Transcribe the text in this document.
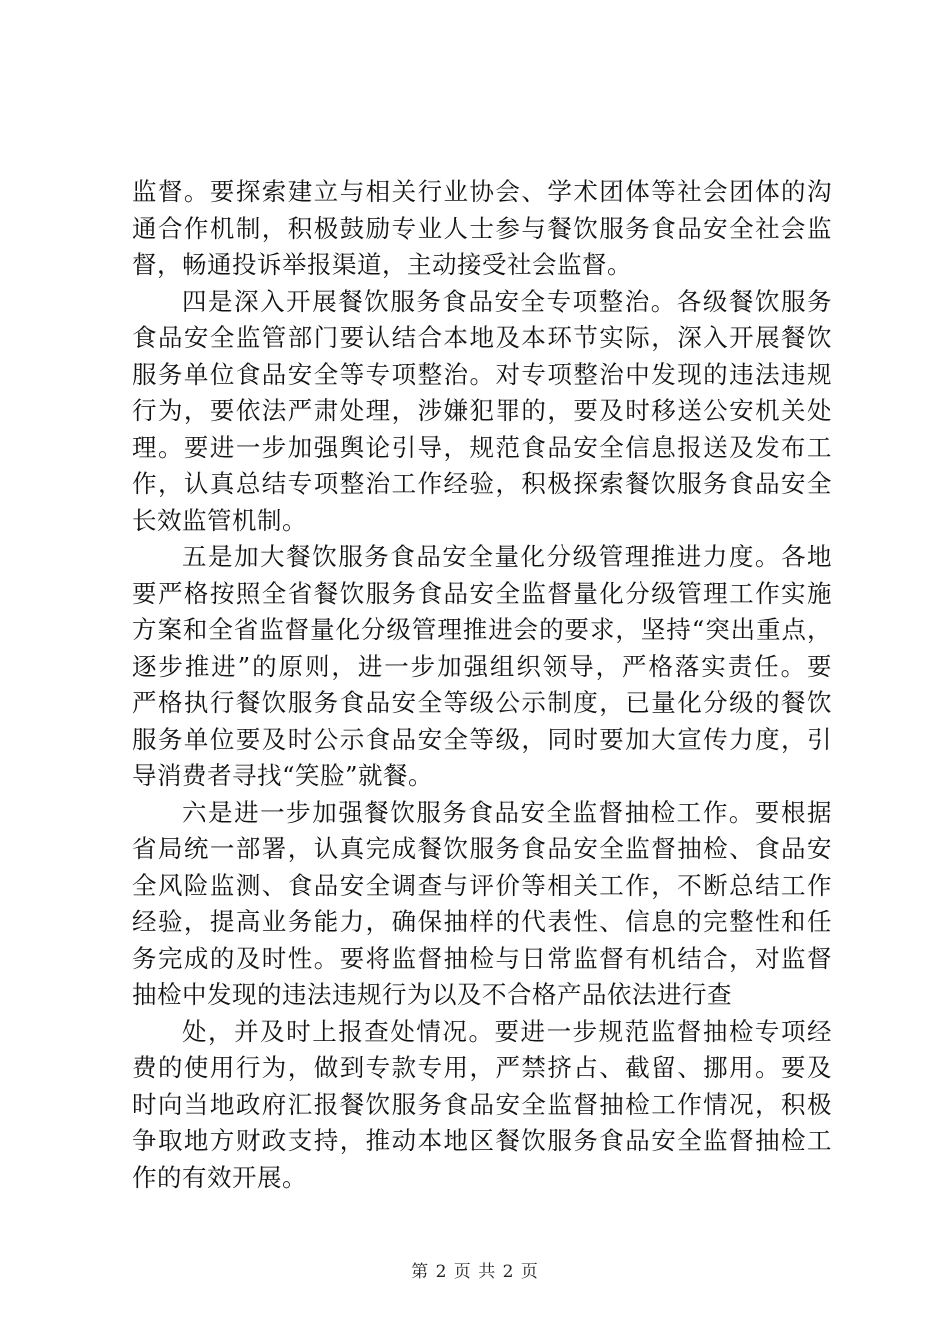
监督。要探索建立与相关行业协会、学术团体等社会团体的沟
通合作机制，积极鼓励专业人士参与餐饮服务食品安全社会监
督，畅通投诉举报渠道，主动接受社会监督。
四是深入开展餐饮服务食品安全专项整治。各级餐饮服务
食品安全监管部门要认结合本地及本环节实际，深入开展餐饮
服务单位食品安全等专项整治。对专项整治中发现的违法违规
行为，要依法严肃处理，涉嫌犯罪的，要及时移送公安机关处
理。要进一步加强舆论引导，规范食品安全信息报送及发布工
作，认真总结专项整治工作经验，积极探索餐饮服务食品安全
长效监管机制。
五是加大餐饮服务食品安全量化分级管理推进力度。各地
要严格按照全省餐饮服务食品安全监督量化分级管理工作实施
方案和全省监督量化分级管理推进会的要求，坚持“突出重点，
逐步推进”的原则，进一步加强组织领导，严格落实责任。要
严格执行餐饮服务食品安全等级公示制度，已量化分级的餐饮
服务单位要及时公示食品安全等级，同时要加大宣传力度，引
导消费者寻找“笑脸”就餐。
六是进一步加强餐饮服务食品安全监督抽检工作。要根据
省局统一部署，认真完成餐饮服务食品安全监督抽检、食品安
全风险监测、食品安全调查与评价等相关工作，不断总结工作
经验，提高业务能力，确保抽样的代表性、信息的完整性和任
务完成的及时性。要将监督抽检与日常监督有机结合，对监督
抽检中发现的违法违规行为以及不合格产品依法进行查
处，并及时上报查处情况。要进一步规范监督抽检专项经
费的使用行为，做到专款专用，严禁挤占、截留、挪用。要及
时向当地政府汇报餐饮服务食品安全监督抽检工作情况，积极
争取地方财政支持，推动本地区餐饮服务食品安全监督抽检工
作的有效开展。
第 2 页 共 2 页
